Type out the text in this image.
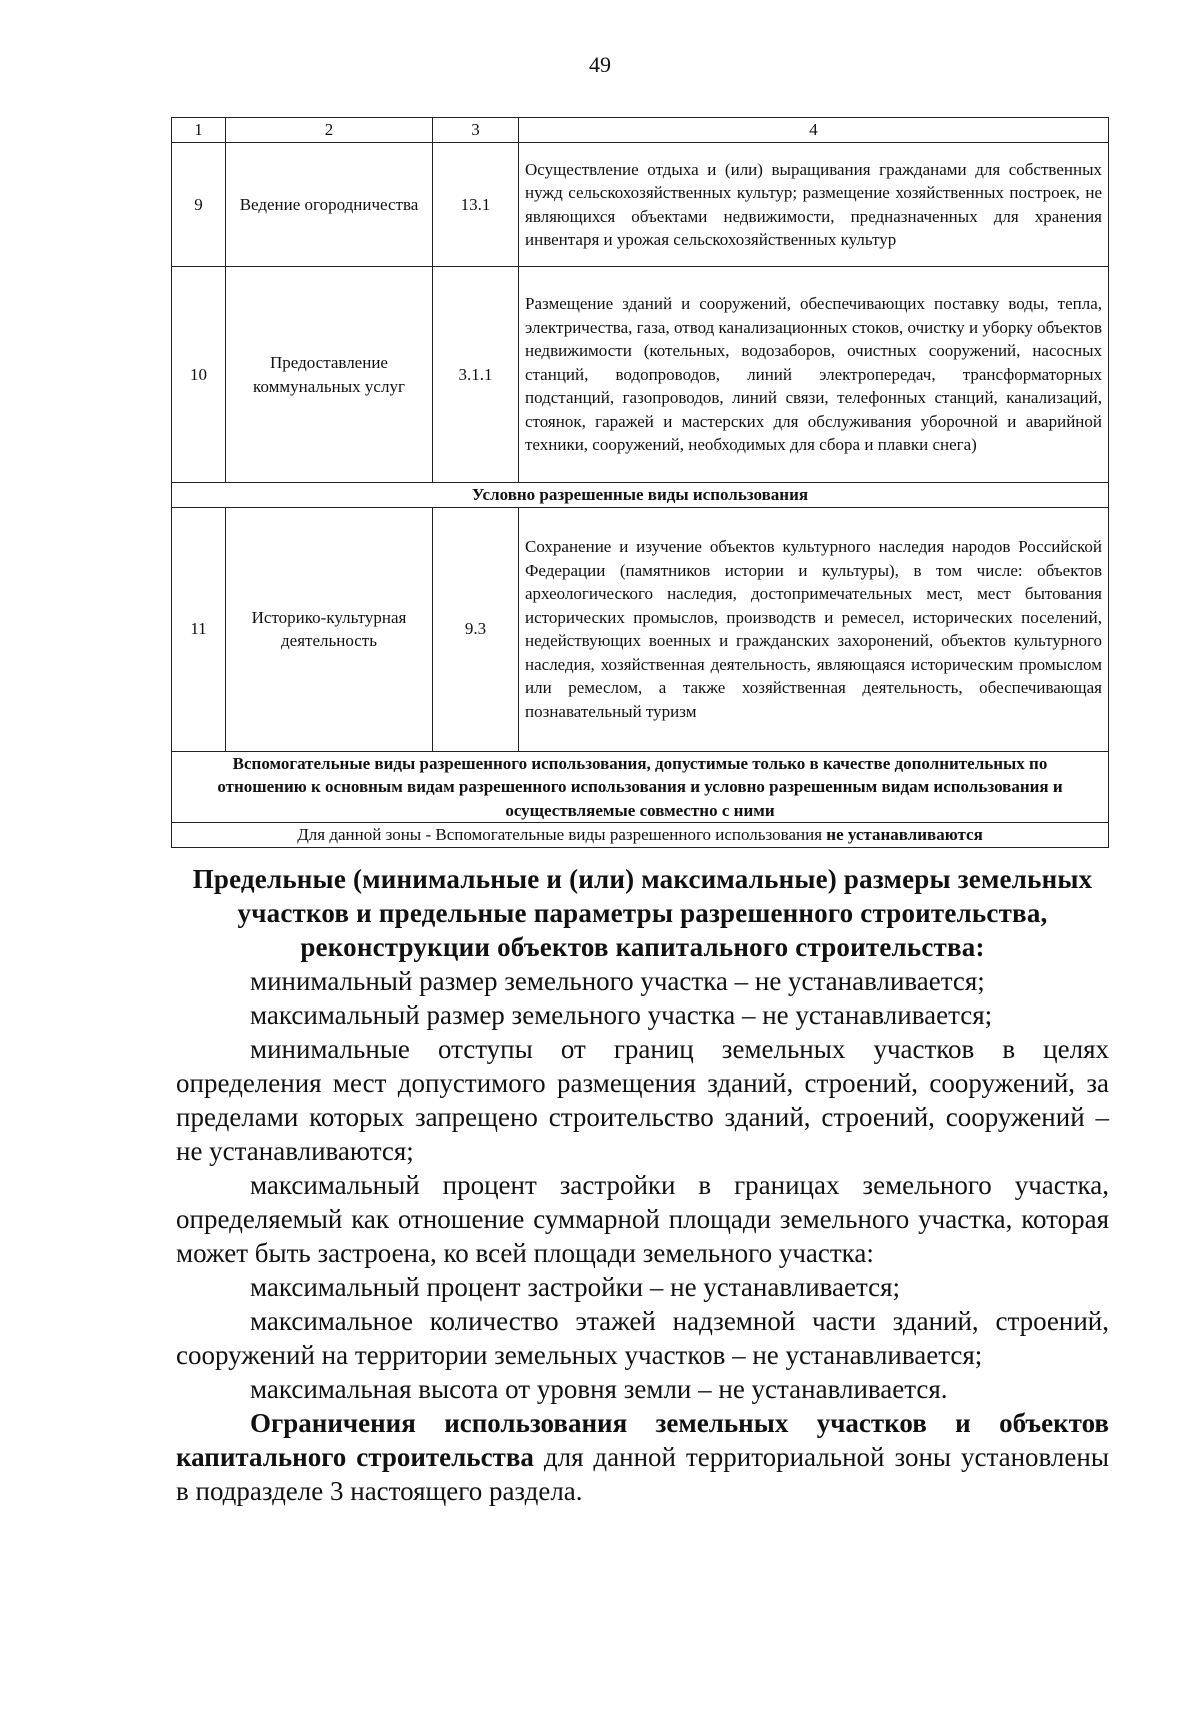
49
1	2	3	4
9	Ведение огородничества	13.1	Осуществление отдыха и (или) выращивания гражданами для собственных нужд сельскохозяйственных культур; размещение хозяйственных построек, не являющихся объектами недвижимости, предназначенных для хранения инвентаря и урожая сельскохозяйственных культур
10	Предоставление коммунальных услуг	3.1.1	Размещение зданий и сооружений, обеспечивающих поставку воды, тепла, электричества, газа, отвод канализационных стоков, очистку и уборку объектов недвижимости (котельных, водозаборов, очистных сооружений, насосных станций, водопроводов, линий электропередач, трансформаторных подстанций, газопроводов, линий связи, телефонных станций, канализаций, стоянок, гаражей и мастерских для обслуживания уборочной и аварийной техники, сооружений, необходимых для сбора и плавки снега)
Условно разрешенные виды использования			
11	Историко-культурная деятельность	9.3	Сохранение и изучение объектов культурного наследия народов Российской Федерации (памятников истории и культуры), в том числе: объектов археологического наследия, достопримечательных мест, мест бытования исторических промыслов, производств и ремесел, исторических поселений, недействующих военных и гражданских захоронений, объектов культурного наследия, хозяйственная деятельность, являющаяся историческим промыслом или ремеслом, а также хозяйственная деятельность, обеспечивающая познавательный туризм
Вспомогательные виды разрешенного использования, допустимые только в качестве дополнительных по отношению к основным видам разрешенного использования и условно разрешенным видам использования и осуществляемые совместно с ними			
Для данной зоны - Вспомогательные виды разрешенного использования не устанавливаются			

Предельные (минимальные и (или) максимальные) размеры земельных участков и предельные параметры разрешенного строительства, реконструкции объектов капитального строительства:

минимальный размер земельного участка – не устанавливается;

максимальный размер земельного участка – не устанавливается;

минимальные отступы от границ земельных участков в целях определения мест допустимого размещения зданий, строений, сооружений, за пределами которых запрещено строительство зданий, строений, сооружений – не устанавливаются;

максимальный процент застройки в границах земельного участка, определяемый как отношение суммарной площади земельного участка, которая может быть застроена, ко всей площади земельного участка:

максимальный процент застройки – не устанавливается;

максимальное количество этажей надземной части зданий, строений, сооружений на территории земельных участков – не устанавливается;

максимальная высота от уровня земли – не устанавливается.

Ограничения использования земельных участков и объектов капитального строительства для данной территориальной зоны установлены в подразделе 3 настоящего раздела.
